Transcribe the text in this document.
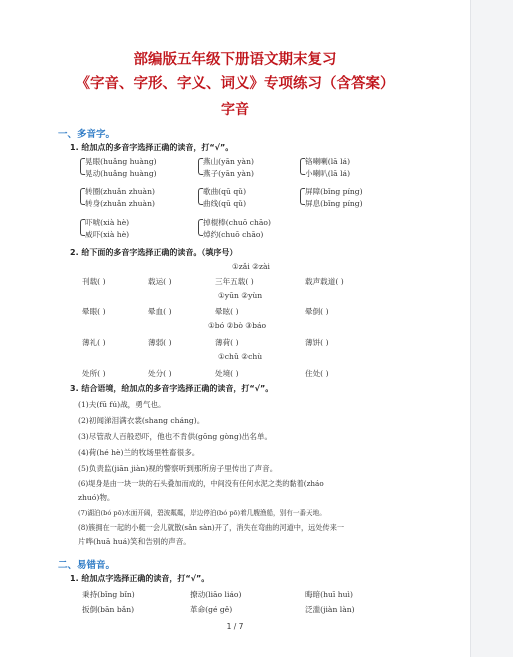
部编版五年级下册语文期末复习
《字音、字形、字义、词义》专项练习（含答案）
字音
一、多音字。
1. 给加点的多音字选择正确的读音，打“√”。
晃眼(huǎng huàng)
晃动(huǎng huàng)
燕山(yān yàn)
燕子(yān yàn)
铬喇喇(lā lá)
小喇叭(lā lá)
转圈(zhuǎn zhuàn)
转身(zhuǎn zhuàn)
歌曲(qū qǔ)
曲线(qū qǔ)
屏障(bǐng píng)
屏息(bǐng píng)
吓唬(xià hè)
威吓(xià hè)
掉棍棒(chuō chāo)
焯约(chuō chāo)
2. 给下面的多音字选择正确的读音。（填序号）
①zǎi ②zài
刊载( )	载运( )	三年五载( )	载声载道( )
①yūn ②yùn
晕眼( )	晕血( )	晕眩( )	晕倒( )
①bó ②bò ③báo
薄礼( )	薄弱( )	薄荷( )	薄饼( )
①chǔ ②chù
处所( )	处分( )	处境( )	住处( )
3. 结合语境，给加点的多音字选择正确的读音，打“√”。
(1)夫(fū fú)战，勇气也。
(2)初闻涕泪满衣裳(shang cháng)。
(3)尽管敌人百般恐吓，他也不肯供(gōng gòng)出名单。
(4)荷(hé hè)兰的牧场里牲畜很多。
(5)负责监(jiān jiàn)视的警察听到那所房子里传出了声音。
(6)堤身是由一块一块的石头叠加而成的，中间没有任何水泥之类的黏着(zháo
zhuó)物。
(7)湖泊(bó pō)水面开阔，碧波粼粼，岸边停泊(bó pō)着几艘渔船，别有一番天地。
(8)簇拥在一起的小艇一会儿就散(sǎn sàn)开了，消失在弯曲的河道中，远处传来一
片哗(huā huá)笑和告别的声音。
二、易错音。
1. 给加点字选择正确的读音，打“√”。
秉持(bǐng bǐn)	撩动(liāo liáo)	晦暗(huī huì)
扳倒(bān bǎn)	革命(gé gě)	泛滥(jiàn làn)
1 / 7
